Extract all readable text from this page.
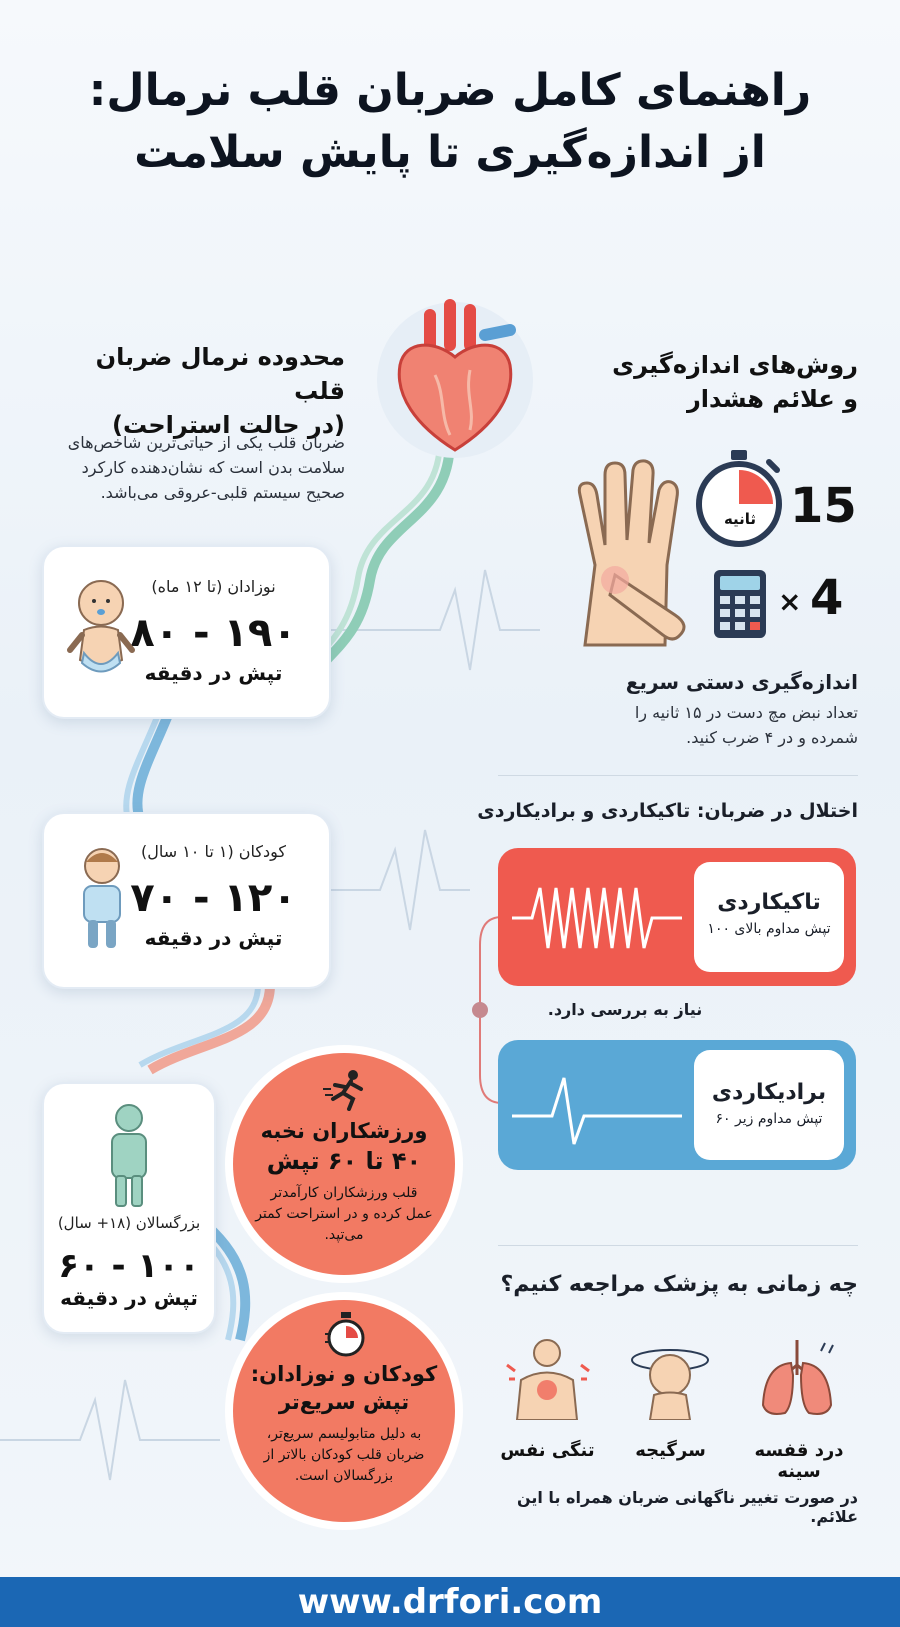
راهنمای کامل ضربان قلب نرمال:
از اندازه‌گیری تا پایش سلامت
محدوده نرمال ضربان قلب
(در حالت استراحت)
ضربان قلب یکی از حیاتی‌ترین شاخص‌های سلامت بدن است که نشان‌دهنده کارکرد صحیح سیستم قلبی-عروقی می‌باشد.
نوزادان (تا ۱۲ ماه)
۱۹۰ - ۸۰
تپش در دقیقه
کودکان (۱ تا ۱۰ سال)
۱۲۰ - ۷۰
تپش در دقیقه
بزرگسالان (۱۸+ سال)
۱۰۰ - ۶۰
تپش در دقیقه
ورزشکاران نخبه
۴۰ تا ۶۰ تپش
قلب ورزشکاران کارآمدتر عمل کرده و در استراحت کمتر می‌تپد.
کودکان و نوزادان:
تپش سریع‌تر
به دلیل متابولیسم سریع‌تر، ضربان قلب کودکان بالاتر از بزرگسالان است.
روش‌های اندازه‌گیری
و علائم هشدار
ثانیه 15
× 4
اندازه‌گیری دستی سریع
تعداد نبض مچ دست در ۱۵ ثانیه را شمرده و در ۴ ضرب کنید.
اختلال در ضربان: تاکیکاردی و برادیکاردی
تاکیکاردی
تپش مداوم بالای ۱۰۰
نیاز به بررسی دارد.
برادیکاردی
تپش مداوم زیر ۶۰
چه زمانی به پزشک مراجعه کنیم؟
تنگی نفس	سرگیجه	درد قفسه سینه
در صورت تغییر ناگهانی ضربان همراه با این علائم.
www.drfori.com
